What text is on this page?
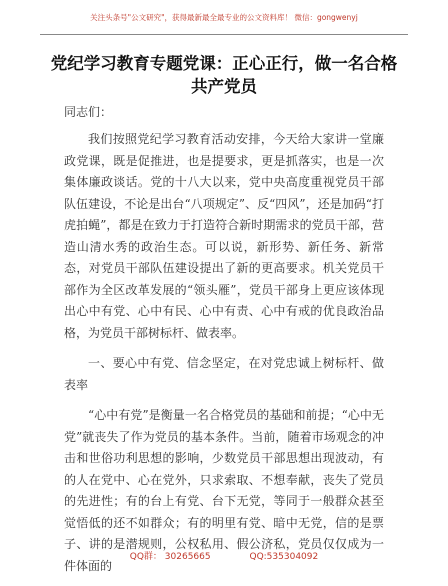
关注头条号"公文研究"，获得最新最全最专业的公文资料库！ 微信：gongwenyj
党纪学习教育专题党课：正心正行，做一名合格共产党员
同志们：

我们按照党纪学习教育活动安排，今天给大家讲一堂廉政党课，既是促推进，也是提要求，更是抓落实，也是一次集体廉政谈话。党的十八大以来，党中央高度重视党员干部队伍建设，不论是出台“八项规定”、反“四风”，还是加码“打虎拍蝇”，都是在致力于打造符合新时期需求的党员干部，营造山清水秀的政治生态。可以说，新形势、新任务、新常态，对党员干部队伍建设提出了新的更高要求。机关党员干部作为全区改革发展的“领头雁”，党员干部身上更应该体现出心中有党、心中有民、心中有责、心中有戒的优良政治品格，为党员干部树标杆、做表率。

一、要心中有党、信念坚定，在对党忠诚上树标杆、做表率

“心中有党”是衡量一名合格党员的基础和前提；“心中无党”就丧失了作为党员的基本条件。当前，随着市场观念的冲击和世俗功利思想的影响，少数党员干部思想出现波动，有的人在党中、心在党外，只求索取、不想奉献，丧失了党员的先进性；有的台上有党、台下无党，等同于一般群众甚至觉悟低的还不如群众；有的明里有党、暗中无党，信的是票子、讲的是潜规则，公权私用、假公济私，党员仅仅成为一件体面的

QQ群： 30265665	QQ:535304092
